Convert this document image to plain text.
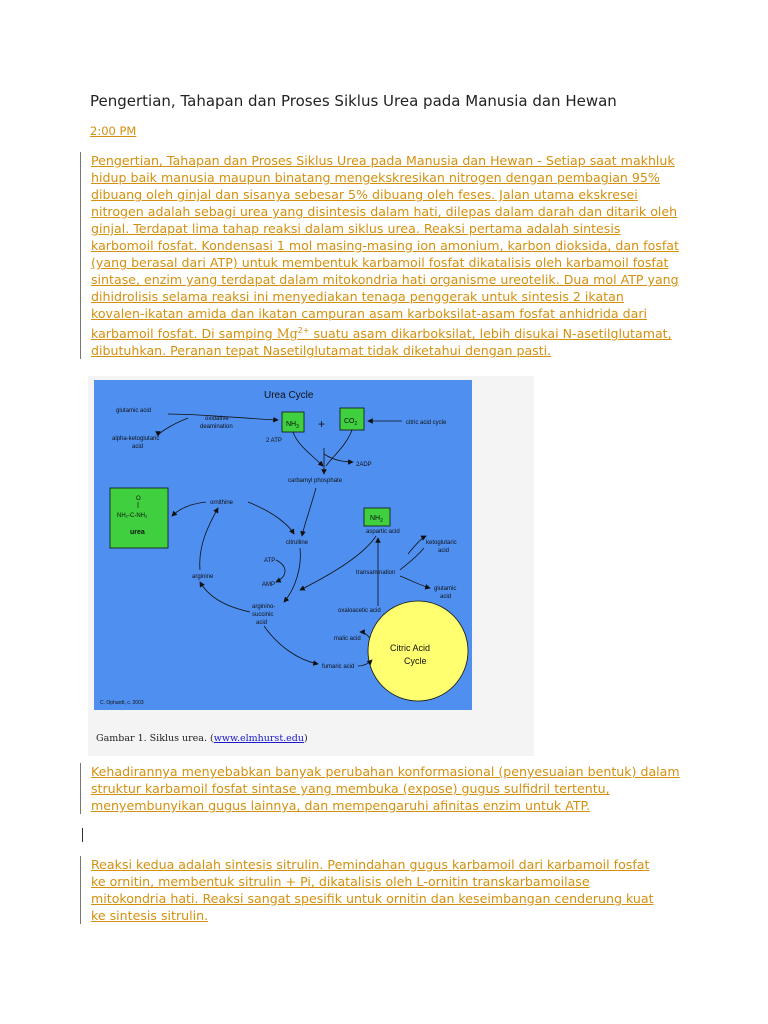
Pengertian, Tahapan dan Proses Siklus Urea pada Manusia dan Hewan
2:00 PM
Pengertian, Tahapan dan Proses Siklus Urea pada Manusia dan Hewan - Setiap saat makhluk hidup baik manusia maupun binatang mengekskresikan nitrogen dengan pembagian 95% dibuang oleh ginjal dan sisanya sebesar 5% dibuang oleh feses. Jalan utama ekskresei nitrogen adalah sebagi urea yang disintesis dalam hati, dilepas dalam darah dan ditarik oleh ginjal. Terdapat lima tahap reaksi dalam siklus urea. Reaksi pertama adalah sintesis karbomoil fosfat. Kondensasi 1 mol masing-masing ion amonium, karbon dioksida, dan fosfat (yang berasal dari ATP) untuk membentuk karbamoil fosfat dikatalisis oleh karbamoil fosfat sintase, enzim yang terdapat dalam mitokondria hati organisme ureotelik. Dua mol ATP yang dihidrolisis selama reaksi ini menyediakan tenaga penggerak untuk sintesis 2 ikatan kovalen-ikatan amida dan ikatan campuran asam karboksilat-asam fosfat anhidrida dari karbamoil fosfat. Di samping $Mg^{2+}$ suatu asam dikarboksilat, lebih disukai N-asetilglutamat, dibutuhkan. Peranan tepat Nasetilglutamat tidak diketahui dengan pasti.
Urea Cycle
glutamic acid
oxidative
deamination	$NH_3$ +	$CO_2$	citric acid cycle
alpha-ketoglutaric
acid
2 ATP
2ADP
carbamyl phosphate
O
NH₂-C-NH₂
urea
ornithine
citrulline
$NH_2$
aspartic acid
ketoglutaric
acid
ATP
AMP
arginine
transamination
glutamic
acid
arginino-
succinic
acid
oxaloacetic acid
malic acid
fumaric acid
Citric Acid
Cycle
C. Ophardt, c. 2003
Gambar 1. Siklus urea. (www.elmhurst.edu)
Kehadirannya menyebabkan banyak perubahan konformasional (penyesuaian bentuk) dalam struktur karbamoil fosfat sintase yang membuka (expose) gugus sulfidril tertentu, menyembunyikan gugus lainnya, dan mempengaruhi afinitas enzim untuk ATP.
Reaksi kedua adalah sintesis sitrulin. Pemindahan gugus karbamoil dari karbamoil fosfat ke ornitin, membentuk sitrulin + Pi, dikatalisis oleh L-ornitin transkarbamoilase mitokondria hati. Reaksi sangat spesifik untuk ornitin dan keseimbangan cenderung kuat ke sintesis sitrulin.
